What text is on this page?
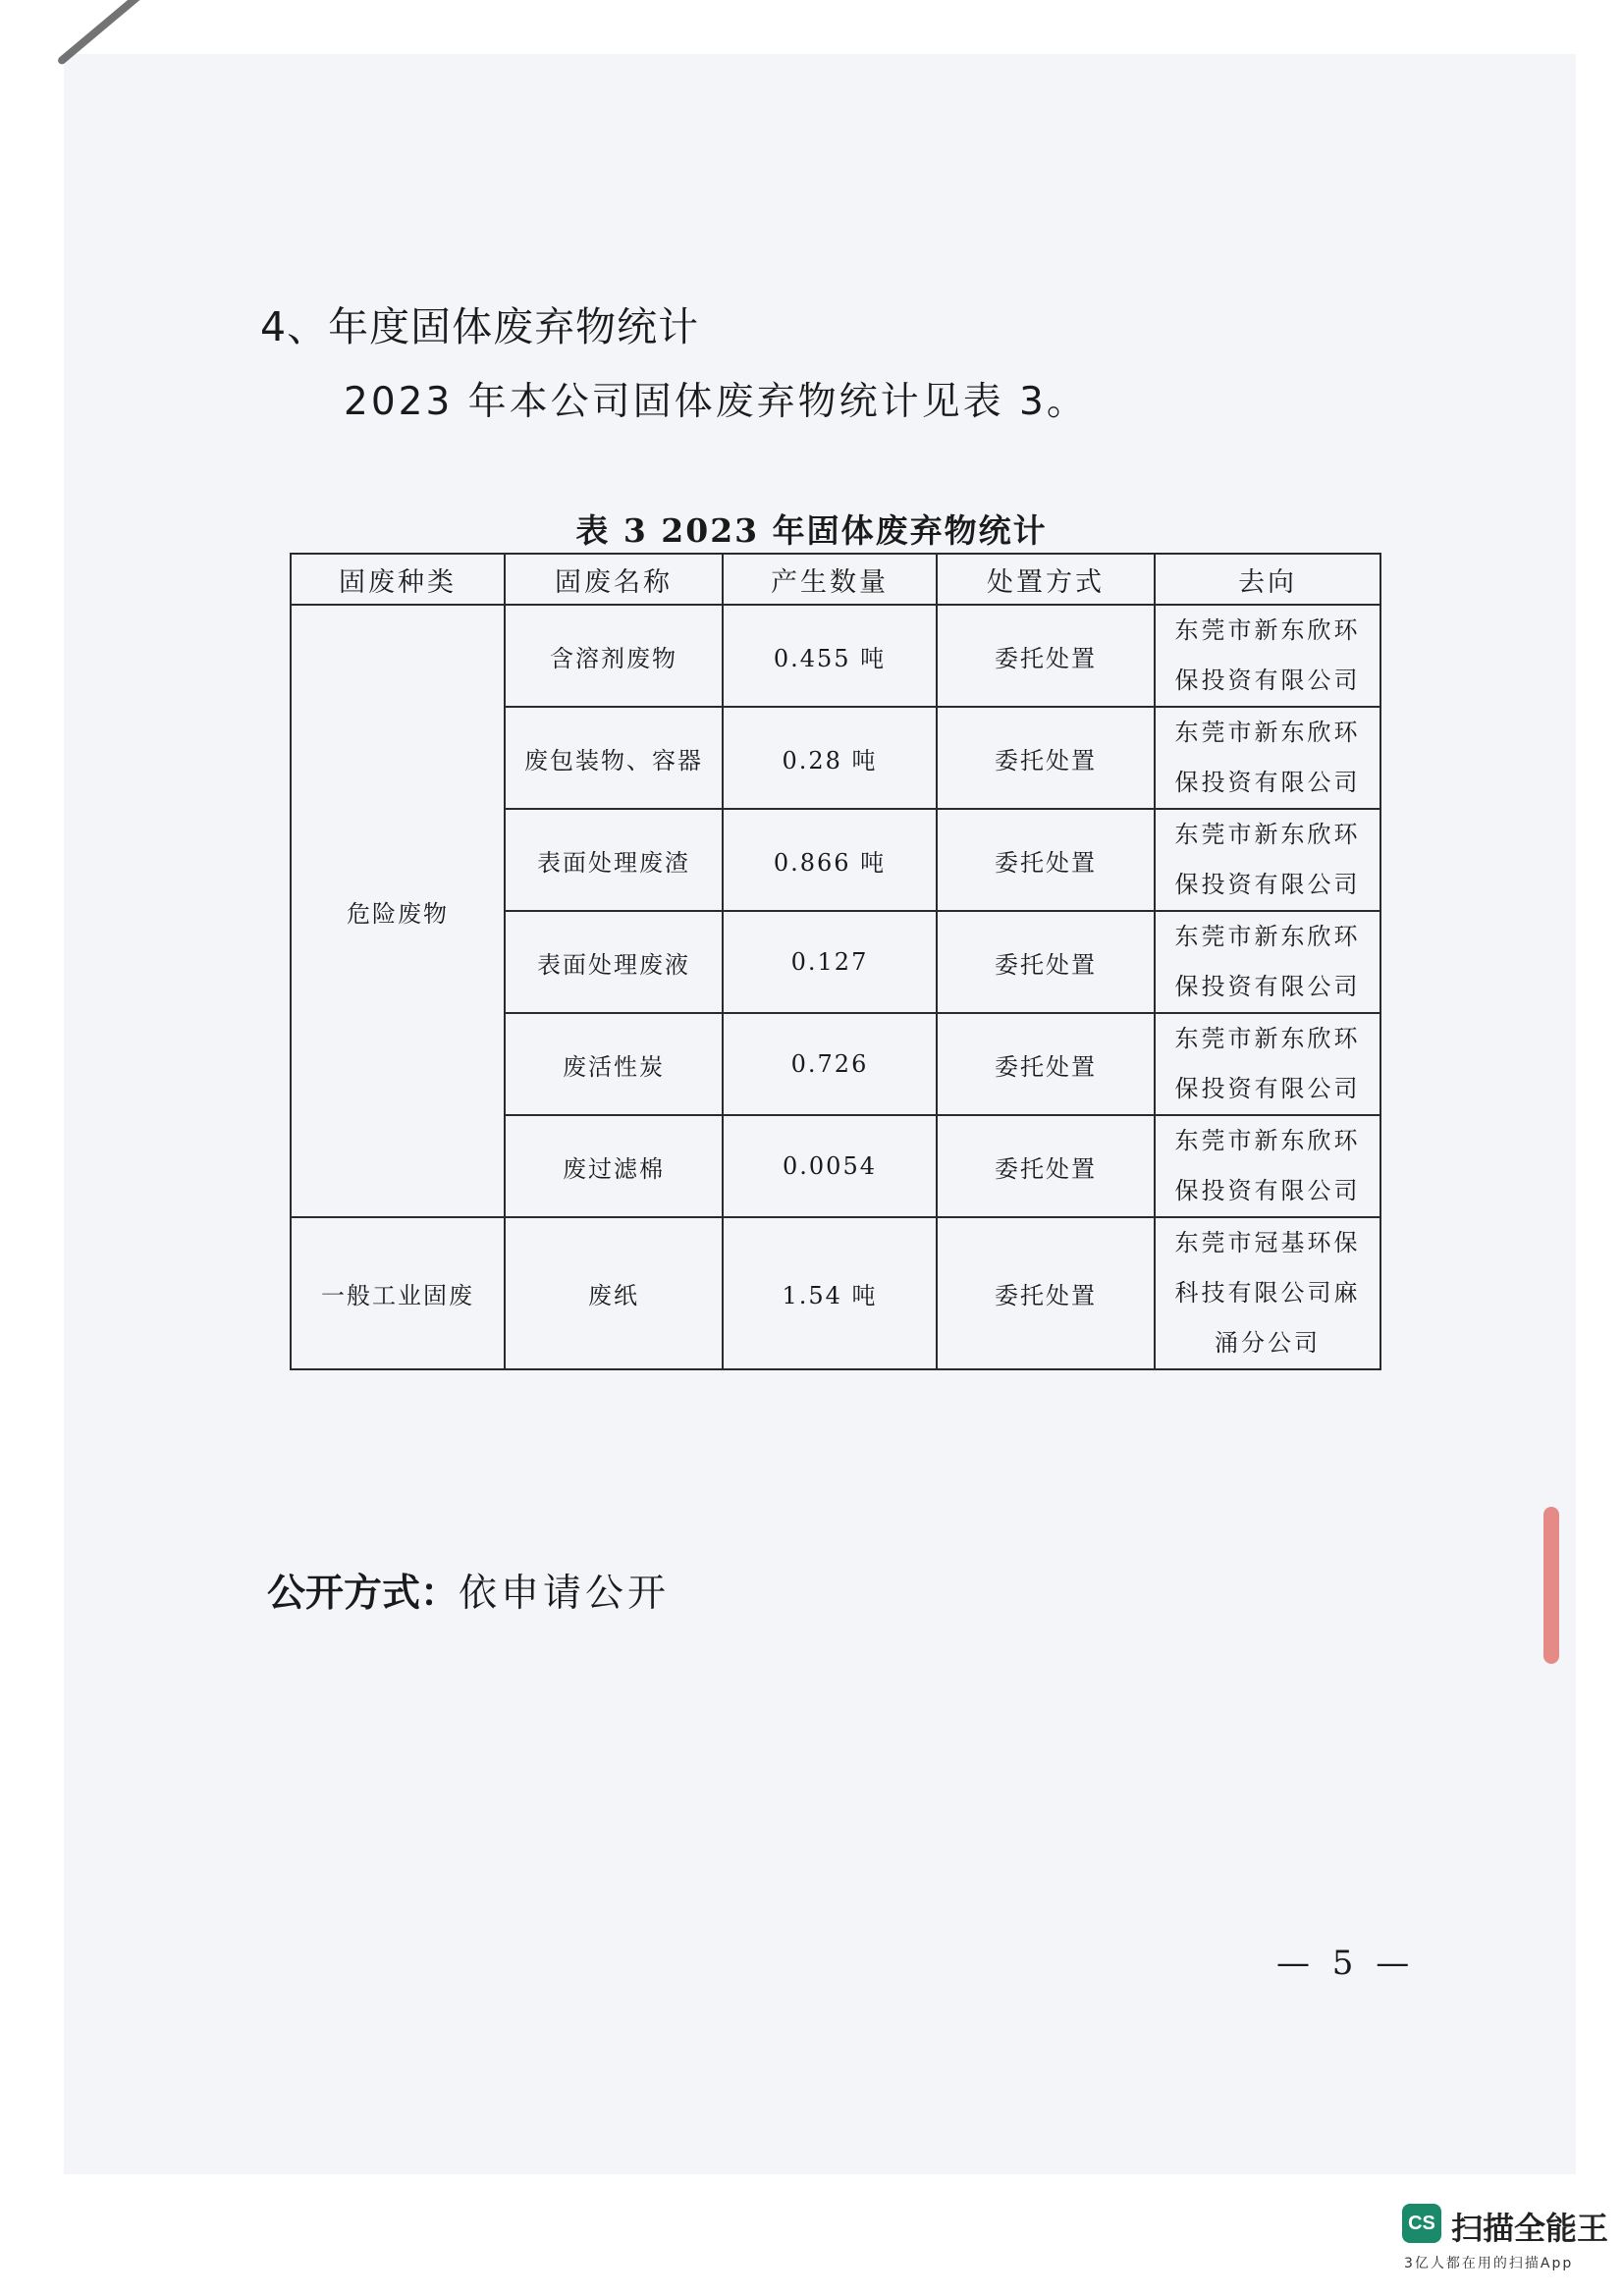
4、年度固体废弃物统计
2023 年本公司固体废弃物统计见表 3。
表 3 2023 年固体废弃物统计
固废种类	固废名称	产生数量	处置方式	去向
危险废物	含溶剂废物	0.455 吨	委托处置	东莞市新东欣环
保投资有限公司
	废包装物、容器	0.28 吨	委托处置	东莞市新东欣环
保投资有限公司
	表面处理废渣	0.866 吨	委托处置	东莞市新东欣环
保投资有限公司
	表面处理废液	0.127	委托处置	东莞市新东欣环
保投资有限公司
	废活性炭	0.726	委托处置	东莞市新东欣环
保投资有限公司
	废过滤棉	0.0054	委托处置	东莞市新东欣环
保投资有限公司
一般工业固废	废纸	1.54 吨	委托处置	东莞市冠基环保
科技有限公司麻
涌分公司
公开方式：依申请公开
— 5 —
CS 扫描全能王
3亿人都在用的扫描App
